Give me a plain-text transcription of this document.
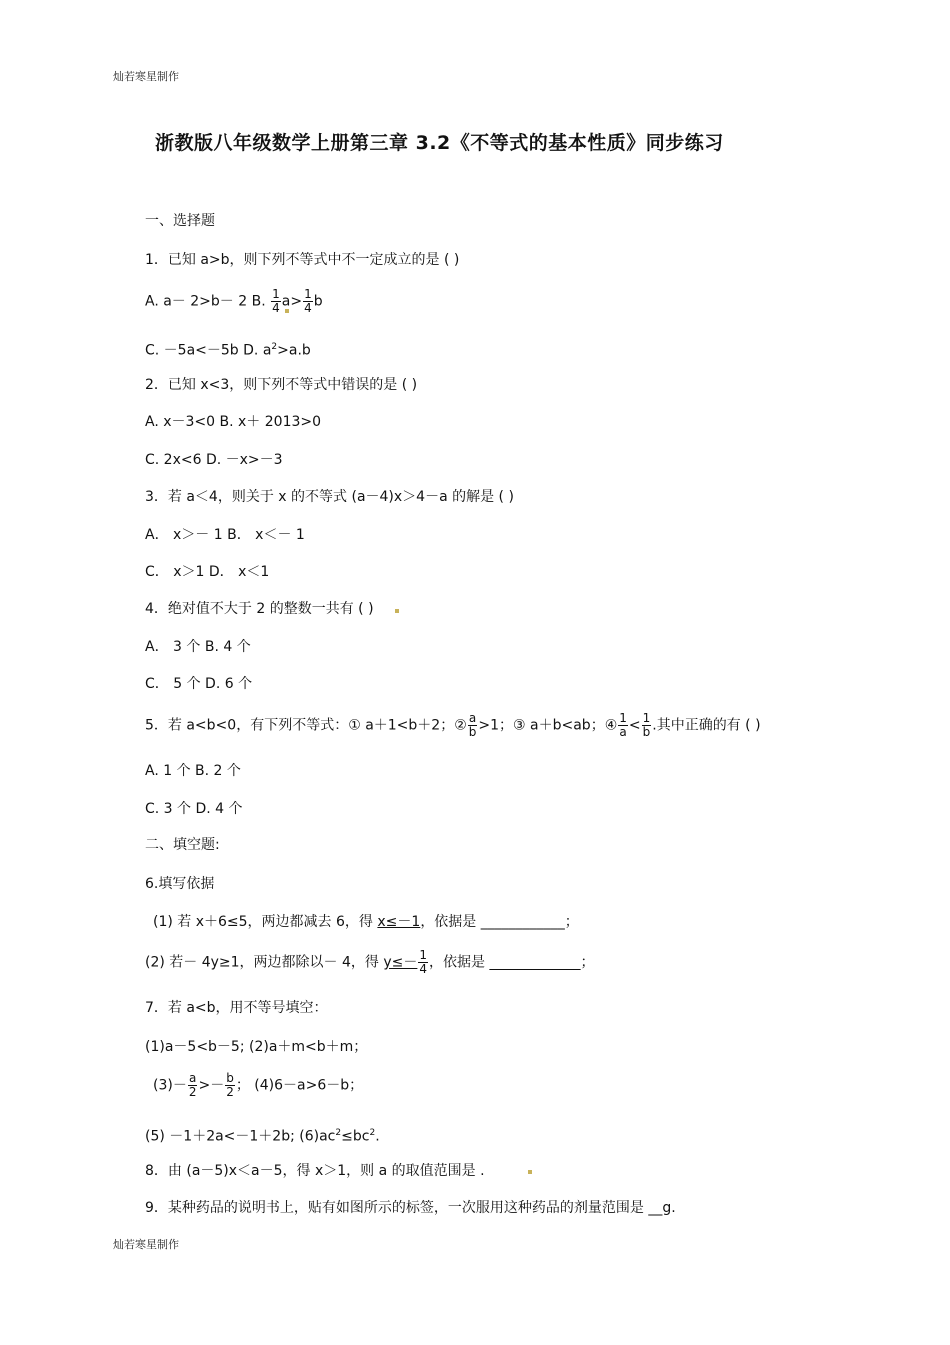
灿若寒星制作
浙教版八年级数学上册第三章 3.2《不等式的基本性质》同步练习
一、选择题
1．已知 a>b，则下列不等式中不一定成立的是 ( )
A. a－ 2>b－ 2 B. $\frac{1}{4} a> \frac{1}{4}$ b
C. －5a<－5b D. $a^2>a.b$
2．已知 x<3，则下列不等式中错误的是 ( )
A. x－3<0 B. x＋ 2013>0
C. 2x<6 D. －x>－3
3．若 a＜4，则关于 x 的不等式 (a－4)x＞4－a 的解是 ( )
A． x＞－ 1 B． x＜－ 1
C． x＞1 D． x＜1
4．绝对值不大于 2 的整数一共有 ( )
A． 3 个 B. 4 个
C． 5 个 D. 6 个
5．若 a<b<0，有下列不等式：① a＋1<b＋2；② $\frac{a}{b} >1$；③ a＋b<ab；④ $\frac{1}{a} < \frac{1}{b}$ .其中正确的有 ( )
A. 1 个 B. 2 个
C. 3 个 D. 4 个
二、填空题:
6.填写依据
(1) 若 x＋6≤5，两边都减去 6，得 x≤－1，依据是 ____________；
(2) 若－ 4y≥1，两边都除以－ 4，得 $y\le- \frac{1}{4}$ ，依据是 _____________；
7．若 a<b，用不等号填空：
(1)a－5<b－5; (2)a＋m<b＋m；
$(3)- \frac{a}{2} >- \frac{b}{2}$ ； (4)6－a>6－b；
(5) －1＋2a<－1＋2b; $(6)ac^2\le bc^2$.
8．由 (a－5)x＜a－5，得 x＞1，则 a 的取值范围是 .
9．某种药品的说明书上，贴有如图所示的标签，一次服用这种药品的剂量范围是 __g.
灿若寒星制作
